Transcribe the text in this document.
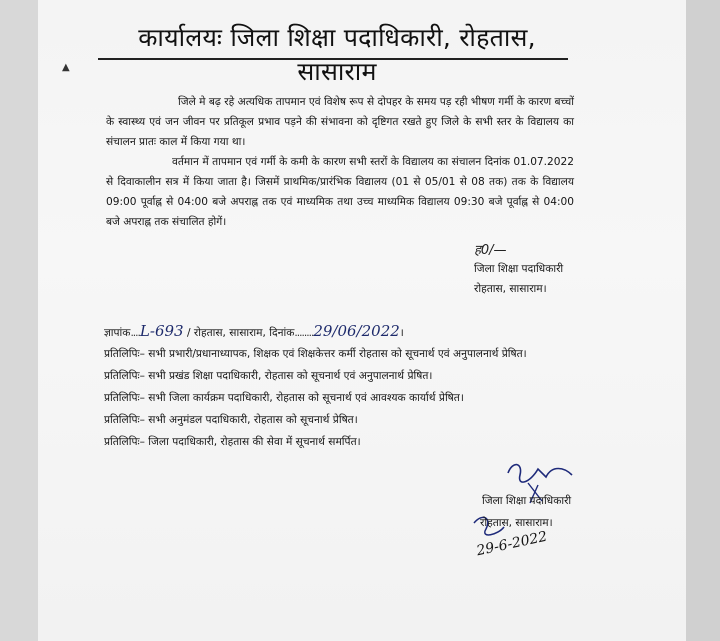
कार्यालयः जिला शिक्षा पदाधिकारी, रोहतास, सासाराम
▲
जिले मे बढ़ रहे अत्यधिक तापमान एवं विशेष रूप से दोपहर के समय पड़ रही भीषण गर्मी के कारण बच्चों के स्वास्थ्य एवं जन जीवन पर प्रतिकूल प्रभाव पड़ने की संभावना को दृष्टिगत रखते हुए जिले के सभी स्तर के विद्यालय का संचालन प्रातः काल में किया गया था।
वर्तमान में तापमान एवं गर्मी के कमी के कारण सभी स्तरों के विद्यालय का संचालन दिनांक 01.07.2022 से दिवाकालीन सत्र में किया जाता है। जिसमें प्राथमिक/प्रारंभिक विद्यालय (01 से 05/01 से 08 तक) तक के विद्यालय 09:00 पूर्वाह्न से 04:00 बजे अपराह्न तक एवं माध्यमिक तथा उच्च माध्यमिक विद्यालय 09:30 बजे पूर्वाह्न से 04:00 बजे अपराह्न तक संचालित होगें।
ह0/—
जिला शिक्षा पदाधिकारी
रोहतास, सासाराम।
ज्ञापांक....L-693 / रोहतास, सासाराम, दिनांक........29/06/2022।
प्रतिलिपिः– सभी प्रभारी/प्रधानाध्यापक, शिक्षक एवं शिक्षकेत्तर कर्मी रोहतास को सूचनार्थ एवं अनुपालनार्थ प्रेषित।
प्रतिलिपिः– सभी प्रखंड शिक्षा पदाधिकारी, रोहतास को सूचनार्थ एवं अनुपालनार्थ प्रेषित।
प्रतिलिपिः– सभी जिला कार्यक्रम पदाधिकारी, रोहतास को सूचनार्थ एवं आवश्यक कार्यार्थ प्रेषित।
प्रतिलिपिः– सभी अनुमंडल पदाधिकारी, रोहतास को सूचनार्थ प्रेषित।
प्रतिलिपिः– जिला पदाधिकारी, रोहतास की सेवा में सूचनार्थ समर्पित।
जिला शिक्षा पदाधिकारी
रोहतास, सासाराम।
29-6-2022
